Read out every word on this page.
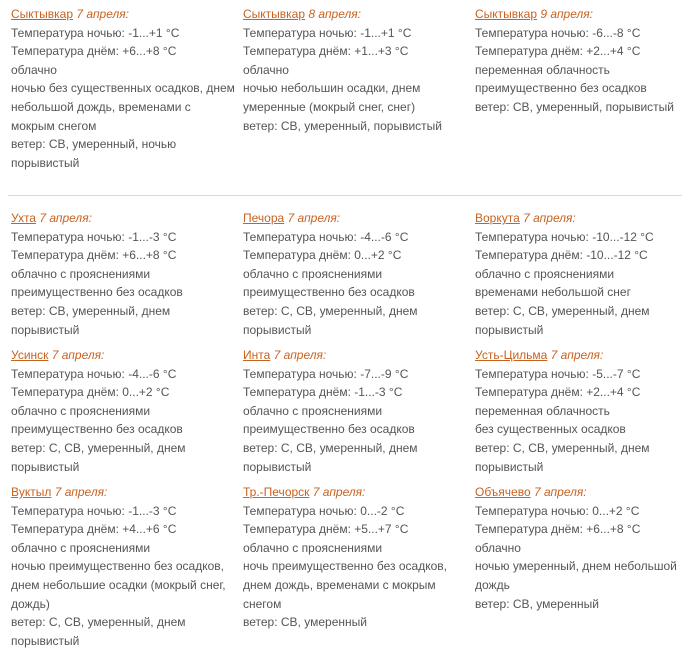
Сыктывкар 7 апреля:
Температура ночью: -1...+1 °C
Температура днём: +6...+8 °C
облачно
ночью без существенных осадков, днем небольшой дождь, временами с мокрым снегом
ветер: СВ, умеренный, ночью порывистый
Сыктывкар 8 апреля:
Температура ночью: -1...+1 °C
Температура днём: +1...+3 °C
облачно
ночью небольшин осадки, днем умеренные (мокрый снег, снег)
ветер: СВ, умеренный, порывистый
Сыктывкар 9 апреля:
Температура ночью: -6...-8 °C
Температура днём: +2...+4 °C
переменная облачность
преимущественно без осадков
ветер: СВ, умеренный, порывистый
Ухта 7 апреля:
Температура ночью: -1...-3 °C
Температура днём: +6...+8 °C
облачно с прояснениями
преимущественно без осадков
ветер: СВ, умеренный, днем порывистый
Печора 7 апреля:
Температура ночью: -4...-6 °C
Температура днём: 0...+2 °C
облачно с прояснениями
преимущественно без осадков
ветер: С, СВ, умеренный, днем порывистый
Воркута 7 апреля:
Температура ночью: -10...-12 °C
Температура днём: -10...-12 °C
облачно с прояснениями
временами небольшой снег
ветер: С, СВ, умеренный, днем порывистый
Усинск 7 апреля:
Температура ночью: -4...-6 °C
Температура днём: 0...+2 °C
облачно с прояснениями
преимущественно без осадков
ветер: С, СВ, умеренный, днем порывистый
Инта 7 апреля:
Температура ночью: -7...-9 °C
Температура днём: -1...-3 °C
облачно с прояснениями
преимущественно без осадков
ветер: С, СВ, умеренный, днем порывистый
Усть-Цильма 7 апреля:
Температура ночью: -5...-7 °C
Температура днём: +2...+4 °C
переменная облачность
без существенных осадков
ветер: С, СВ, умеренный, днем порывистый
Вуктыл 7 апреля:
Температура ночью: -1...-3 °C
Температура днём: +4...+6 °C
облачно с прояснениями
ночью преимущественно без осадков, днем небольшие осадки (мокрый снег, дождь)
ветер: С, СВ, умеренный, днем порывистый
Тр.-Печорск 7 апреля:
Температура ночью: 0...-2 °C
Температура днём: +5...+7 °C
облачно с прояснениями
ночь преимущественно без осадков, днем дождь, временами с мокрым снегом
ветер: СВ, умеренный
Объячево 7 апреля:
Температура ночью: 0...+2 °C
Температура днём: +6...+8 °C
облачно
ночью умеренный, днем небольшой дождь
ветер: СВ, умеренный
